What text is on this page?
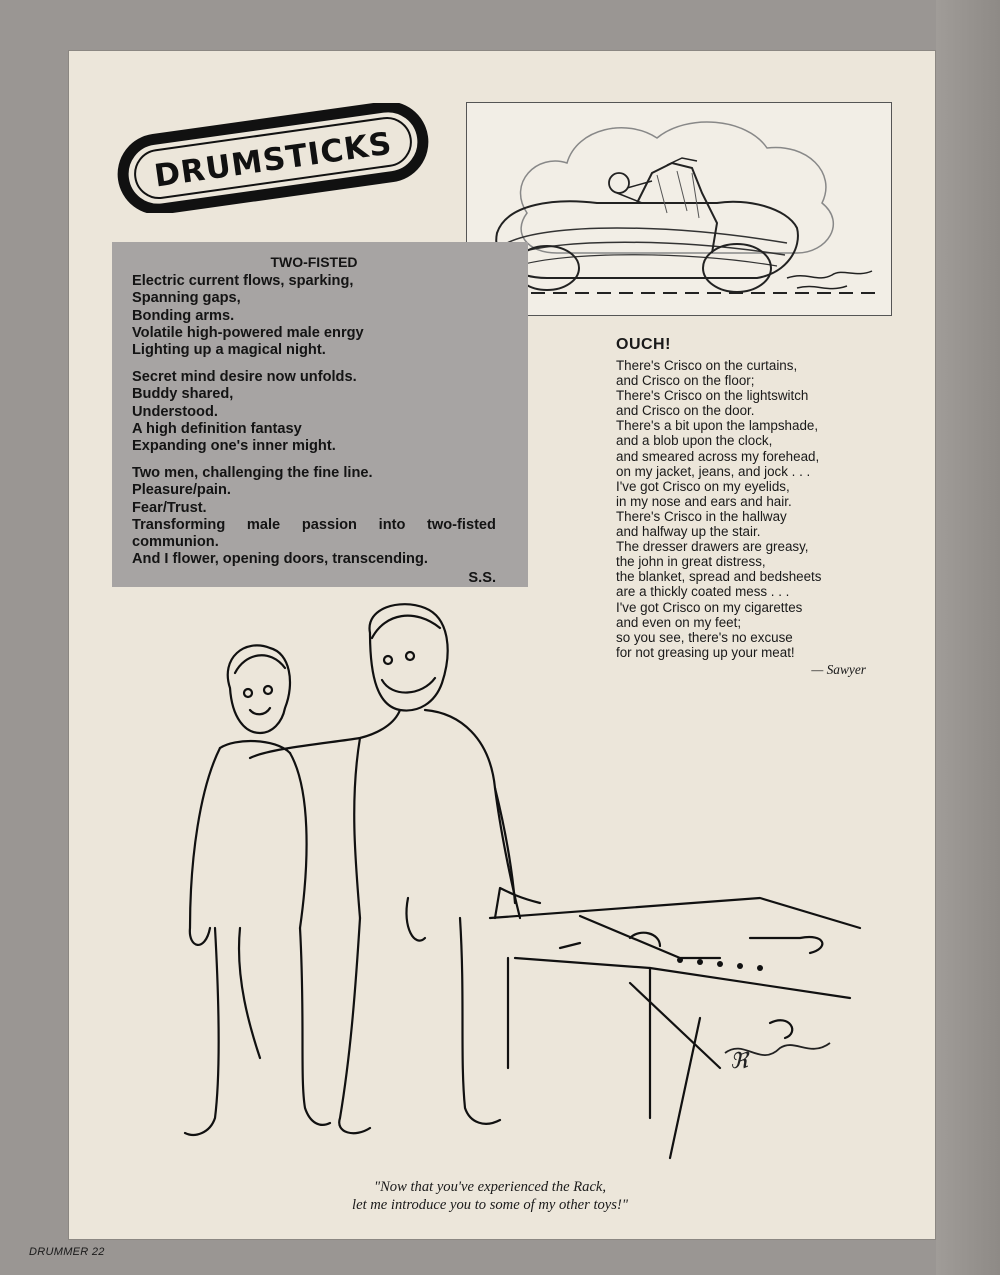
DRUMSTICKS
TWO-FISTED
Electric current flows, sparking,
Spanning gaps,
Bonding arms.
Volatile high-powered male enrgy
Lighting up a magical night.
Secret mind desire now unfolds.
Buddy shared,
Understood.
A high definition fantasy
Expanding one's inner might.
Two men, challenging the fine line.
Pleasure/pain.
Fear/Trust.
Transforming male passion into two-fisted
communion.
And I flower, opening doors, transcending.
S.S.
OUCH!
There's Crisco on the curtains,
and Crisco on the floor;
There's Crisco on the lightswitch
and Crisco on the door.
There's a bit upon the lampshade,
and a blob upon the clock,
and smeared across my forehead,
on my jacket, jeans, and jock . . .
I've got Crisco on my eyelids,
in my nose and ears and hair.
There's Crisco in the hallway
and halfway up the stair.
The dresser drawers are greasy,
the john in great distress,
the blanket, spread and bedsheets
are a thickly coated mess . . .
I've got Crisco on my cigarettes
and even on my feet;
so you see, there's no excuse
for not greasing up your meat!
— Sawyer
ℜ
"Now that you've experienced the Rack,
let me introduce you to some of my other toys!"
DRUMMER 22
